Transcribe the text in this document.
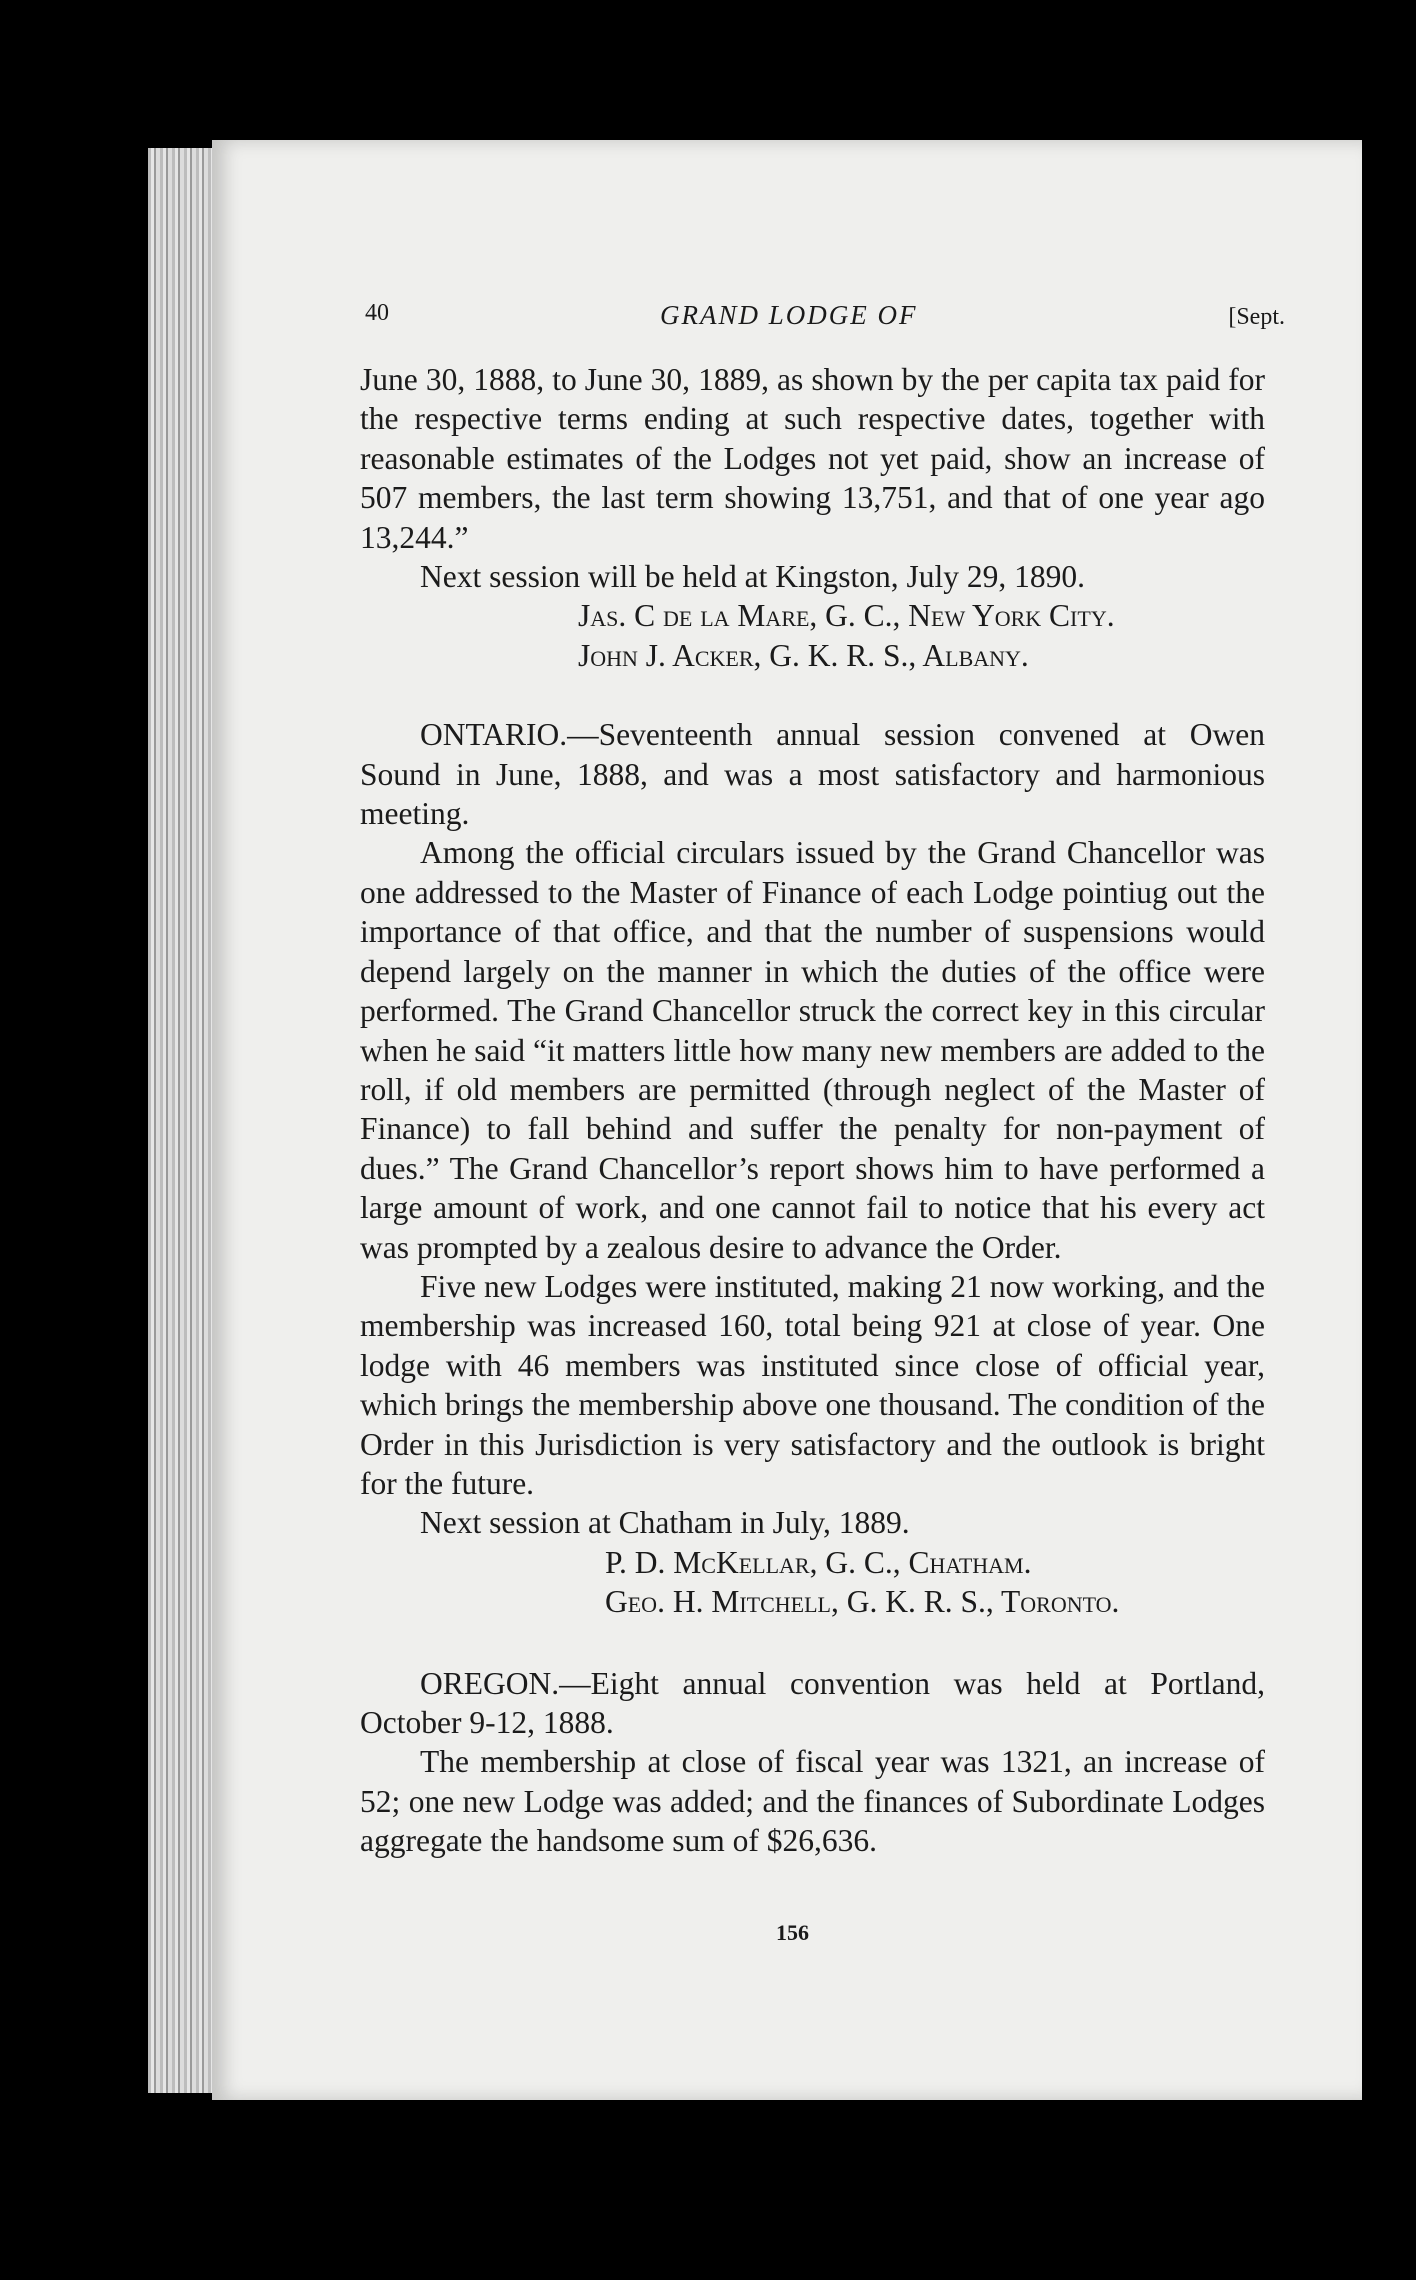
40	GRAND LODGE OF	[Sept.

June 30, 1888, to June 30, 1889, as shown by the per capita tax paid for the respective terms ending at such respective dates, together with reasonable estimates of the Lodges not yet paid, show an increase of 507 members, the last term showing 13,751, and that of one year ago 13,244.”

Next session will be held at Kingston, July 29, 1890.

Jas. C de la Mare, G. C., New York City.

John J. Acker, G. K. R. S., Albany.

ONTARIO.—Seventeenth annual session convened at Owen Sound in June, 1888, and was a most satisfactory and harmonious meeting.

Among the official circulars issued by the Grand Chancellor was one addressed to the Master of Finance of each Lodge pointiug out the importance of that office, and that the number of suspensions would depend largely on the manner in which the duties of the office were performed. The Grand Chancellor struck the correct key in this circular when he said “it matters little how many new members are added to the roll, if old members are permitted (through neglect of the Master of Finance) to fall behind and suffer the penalty for non-payment of dues.” The Grand Chancellor’s report shows him to have performed a large amount of work, and one cannot fail to notice that his every act was prompted by a zealous desire to advance the Order.

Five new Lodges were instituted, making 21 now working, and the membership was increased 160, total being 921 at close of year. One lodge with 46 members was instituted since close of official year, which brings the membership above one thousand. The condition of the Order in this Jurisdiction is very satisfactory and the outlook is bright for the future.

Next session at Chatham in July, 1889.

P. D. McKellar, G. C., Chatham.

Geo. H. Mitchell, G. K. R. S., Toronto.

OREGON.—Eight annual convention was held at Portland, October 9-12, 1888.

The membership at close of fiscal year was 1321, an increase of 52; one new Lodge was added; and the finances of Subordinate Lodges aggregate the handsome sum of $26,636.

156
